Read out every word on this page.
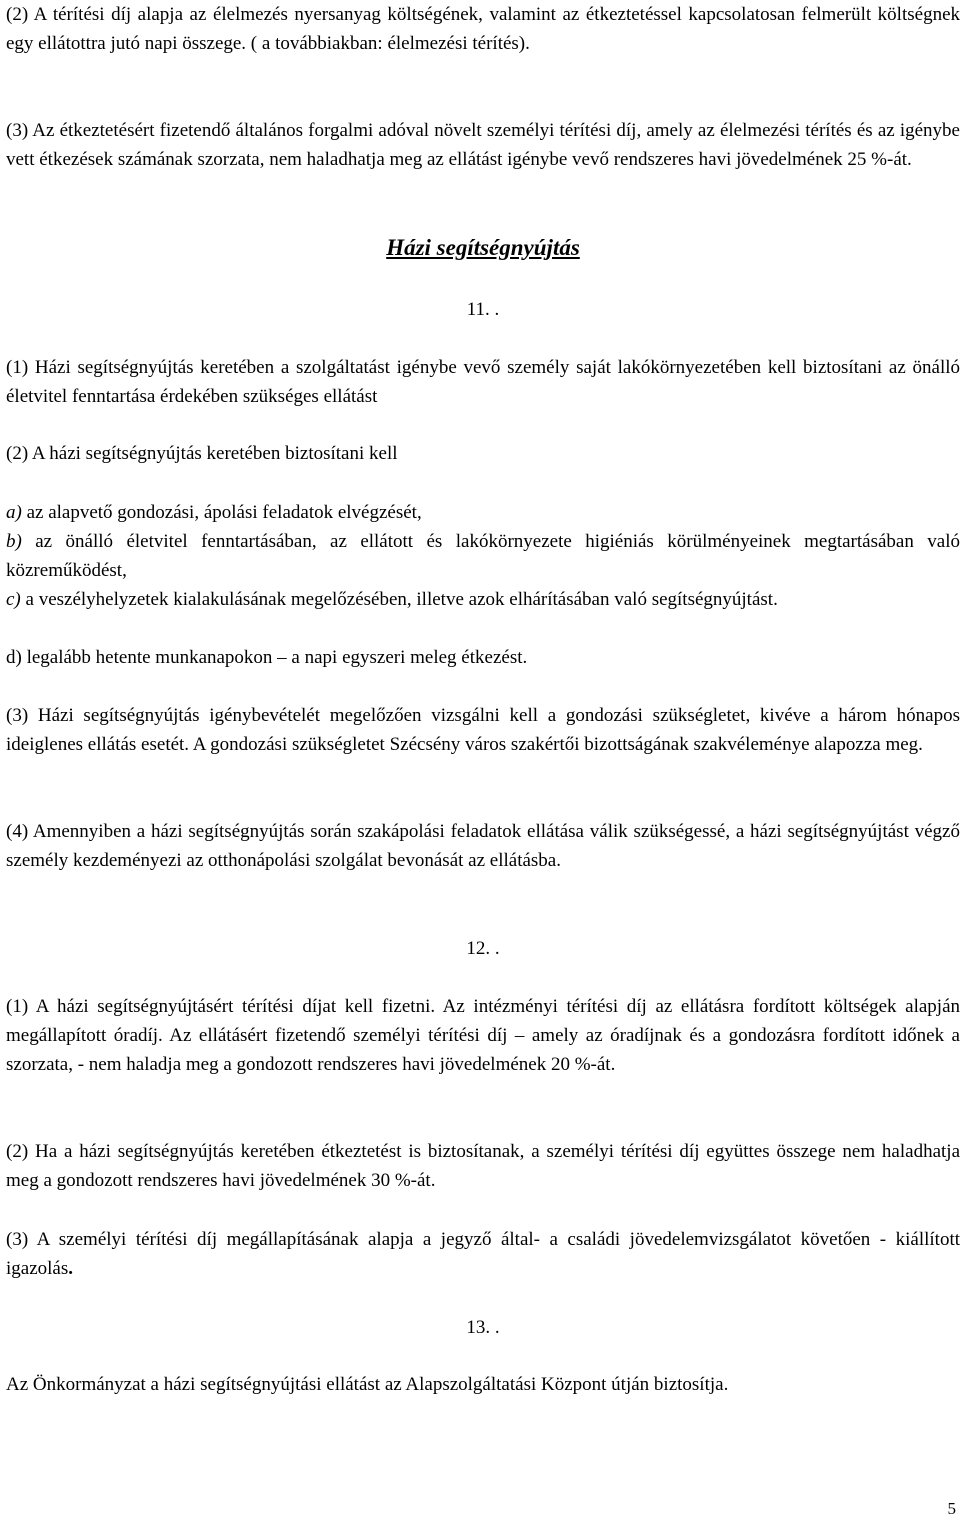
(2) A térítési díj alapja az élelmezés nyersanyag költségének, valamint az étkeztetéssel kapcsolatosan felmerült költségnek egy ellátottra jutó napi összege. ( a továbbiakban: élelmezési térítés).

(3) Az étkeztetésért fizetendő általános forgalmi adóval növelt személyi térítési díj, amely az élelmezési térítés és az igénybe vett étkezések számának szorzata, nem haladhatja meg az ellátást igénybe vevő rendszeres havi jövedelmének 25 %-át.

Házi segítségnyújtás

11. .

(1) Házi segítségnyújtás keretében a szolgáltatást igénybe vevő személy saját lakókörnyezetében kell biztosítani az önálló életvitel fenntartása érdekében szükséges ellátást

(2) A házi segítségnyújtás keretében biztosítani kell

a) az alapvető gondozási, ápolási feladatok elvégzését,

b) az önálló életvitel fenntartásában, az ellátott és lakókörnyezete higiéniás körülményeinek megtartásában való közreműködést,

c) a veszélyhelyzetek kialakulásának megelőzésében, illetve azok elhárításában való segítségnyújtást.

d) legalább hetente munkanapokon – a napi egyszeri meleg étkezést.

(3) Házi segítségnyújtás igénybevételét megelőzően vizsgálni kell a gondozási szükségletet, kivéve a három hónapos ideiglenes ellátás esetét. A gondozási szükségletet Szécsény város szakértői bizottságának szakvéleménye alapozza meg.

(4) Amennyiben a házi segítségnyújtás során szakápolási feladatok ellátása válik szükségessé, a házi segítségnyújtást végző személy kezdeményezi az otthonápolási szolgálat bevonását az ellátásba.

12. .

(1) A házi segítségnyújtásért térítési díjat kell fizetni. Az intézményi térítési díj az ellátásra fordított költségek alapján megállapított óradíj. Az ellátásért fizetendő személyi térítési díj – amely az óradíjnak és a gondozásra fordított időnek a szorzata, - nem haladja meg a gondozott rendszeres havi jövedelmének 20 %-át.

(2) Ha a házi segítségnyújtás keretében étkeztetést is biztosítanak, a személyi térítési díj együttes összege nem haladhatja meg a gondozott rendszeres havi jövedelmének 30 %-át.

(3) A személyi térítési díj megállapításának alapja a jegyző által- a családi jövedelemvizsgálatot követően - kiállított igazolás.

13. .

Az Önkormányzat a házi segítségnyújtási ellátást az Alapszolgáltatási Központ útján biztosítja.

5
